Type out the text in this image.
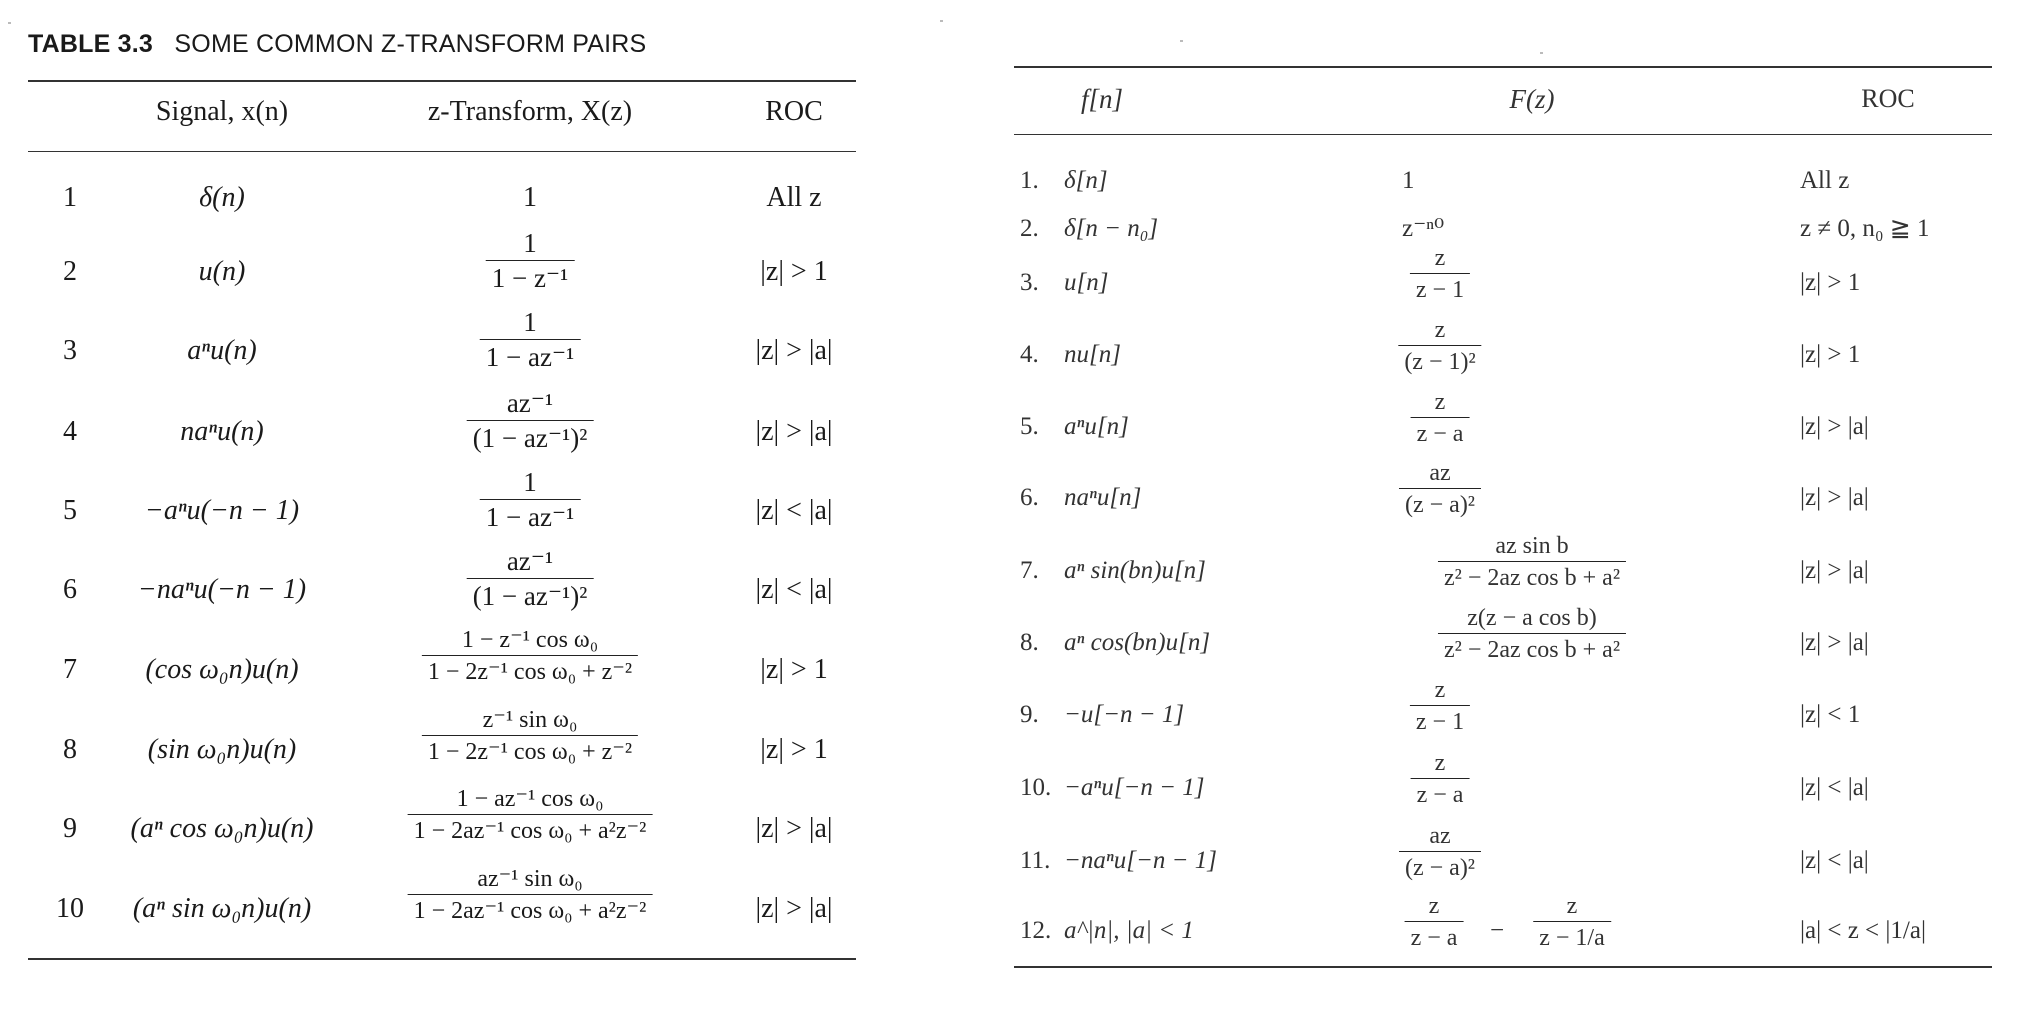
TABLE 3.3 SOME COMMON Z-TRANSFORM PAIRS
Signal, x(n)	z-Transform, X(z)	ROC
1	δ(n)	1	All z
2	u(n)
1
1 − z⁻¹	|z| > 1
3	aⁿu(n)
1
1 − az⁻¹	|z| > |a|
4	naⁿu(n)
az⁻¹
(1 − az⁻¹)²	|z| > |a|
5 −aⁿu(−n − 1)
1
1 − az⁻¹	|z| < |a|
6 −naⁿu(−n − 1)
az⁻¹
(1 − az⁻¹)²	|z| < |a|
7 (cos ω₀n)u(n)
1 − z⁻¹ cos ω₀
1 − 2z⁻¹ cos ω₀ + z⁻²	|z| > 1
8	(sin ω₀n)u(n)
z⁻¹ sin ω₀
1 − 2z⁻¹ cos ω₀ + z⁻²	|z| > 1
9 (aⁿ cos ω₀n)u(n)
1 − az⁻¹ cos ω₀
1 − 2az⁻¹ cos ω₀ + a²z⁻²	|z| > |a|
10 (aⁿ sin ω₀n)u(n)
az⁻¹ sin ω₀
1 − 2az⁻¹ cos ω₀ + a²z⁻²	|z| > |a|
f[n]	F(z)	ROC
1. δ[n]	1	All z
2. δ[n − n₀]	z⁻ⁿ⁰	z ≠ 0, n₀ ≧ 1
3. u[n]
z
z − 1	|z| > 1
4. nu[n]
z
(z − 1)²	|z| > 1
5. aⁿu[n]
z
z − a	|z| > |a|
6. naⁿu[n]
az
(z − a)²	|z| > |a|
7. aⁿ sin(bn)u[n]
az sin b
z² − 2az cos b + a²	|z| > |a|
8. aⁿ cos(bn)u[n]
z(z − a cos b)
z² − 2az cos b + a²	|z| > |a|
9. −u[−n − 1]
z
z − 1	|z| < 1
10. −aⁿu[−n − 1]
z
z − a	|z| < |a|
11. −naⁿu[−n − 1]
az
(z − a)²	|z| < |a|
12. a^|n|, |a| < 1
z
z − a −
z
z − 1/a	|a| < z < |1/a|
